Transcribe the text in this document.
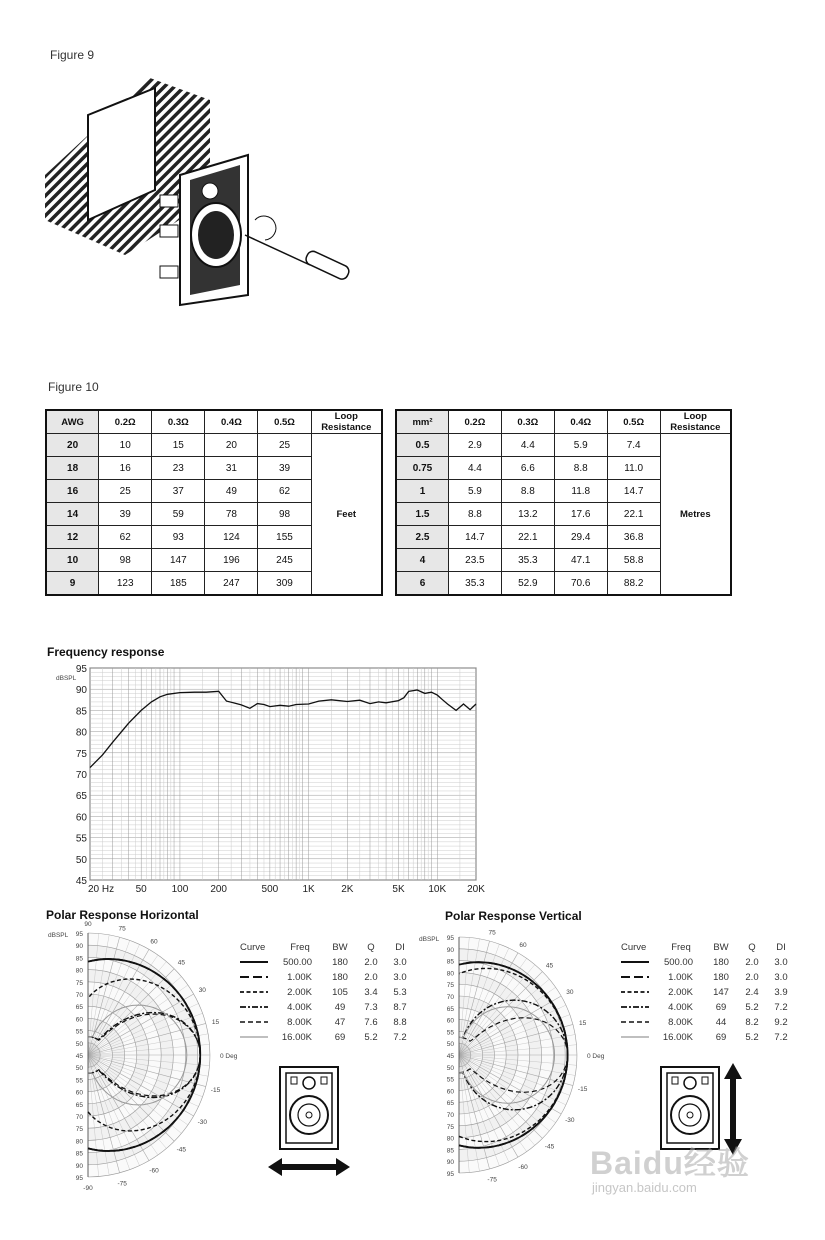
Figure 9
Figure 10
AWG	0.2Ω	0.3Ω	0.4Ω	0.5Ω	Loop Resistance
20	10	15	20	25	Feet
18	16	23	31	39	
16	25	37	49	62	
14	39	59	78	98	
12	62	93	124	155	
10	98	147	196	245	
9	123	185	247	309	
mm²	0.2Ω	0.3Ω	0.4Ω	0.5Ω	Loop Resistance
0.5	2.9	4.4	5.9	7.4	Metres
0.75	4.4	6.6	8.8	11.0	
1	5.9	8.8	11.8	14.7	
1.5	8.8	13.2	17.6	22.1	
2.5	14.7	22.1	29.4	36.8	
4	23.5	35.3	47.1	58.8	
6	35.3	52.9	70.6	88.2	
Frequency response
dBSPL
95
90
85
80
75
70
65
60
55
50
45
20 Hz 50 100 200	500 1K	2K	5K 10K 20K
Polar Response Horizontal
dBSPL 95
90
85
80
75
70
65
60
55
50
45
50
55
60
65
70
75
80
85
90
95
90
75
60
45
30
15
0 Deg
-15
-30
-45
-60
-75
-90
Curve	Freq BW Q DI
500.00 180 2.0 3.0
1.00K 180 2.0 3.0
2.00K 105 3.4 5.3
4.00K 49 7.3 8.7
8.00K 47 7.6 8.8
16.00K 69 5.2 7.2
Polar Response Vertical
dBSPL 95
90
85
80
75
70
65
60
55
50
45
50
55
60
65
70
75
80
85
90
95
75
60
45
30
15
0 Deg
-15
-30
-45
-60
-75
Curve	Freq BW Q DI
500.00 180 2.0 3.0
1.00K 180 2.0 3.0
2.00K 147 2.4 3.9
4.00K 69 5.2 7.2
8.00K 44 8.2 9.2
16.00K 69 5.2 7.2
Baidu经验
jingyan.baidu.com
